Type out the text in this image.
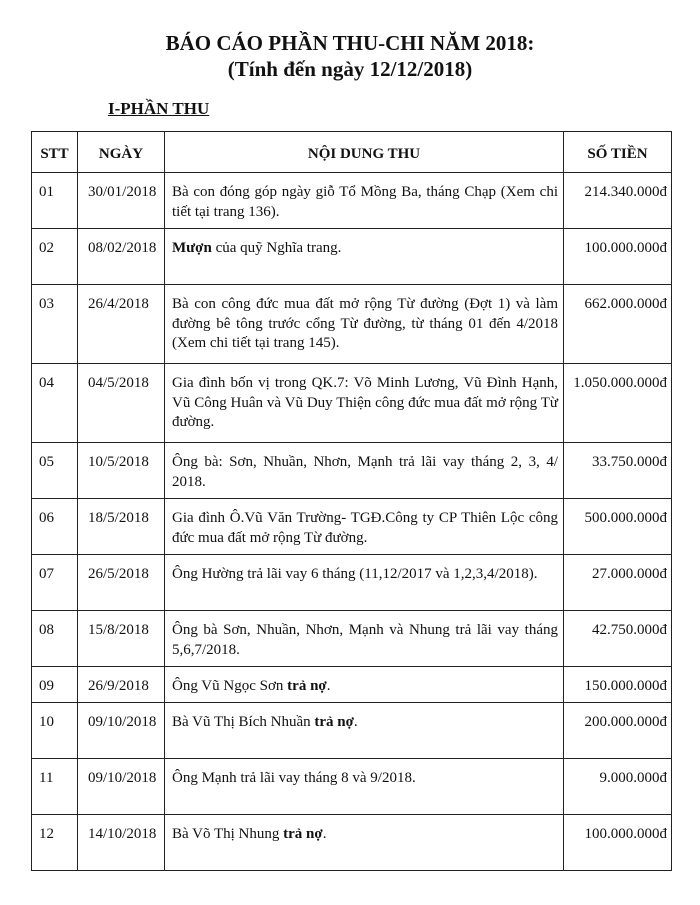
BÁO CÁO PHẦN THU-CHI NĂM 2018:
(Tính đến ngày 12/12/2018)
I-PHẦN THU
STT	NGÀY	NỘI DUNG THU	SỐ TIỀN
01	30/01/2018	Bà con đóng góp ngày giỗ Tổ Mồng Ba, tháng Chạp (Xem chi tiết tại trang 136).	214.340.000đ
02	08/02/2018	Mượn của quỹ Nghĩa trang.	100.000.000đ
03	26/4/2018	Bà con công đức mua đất mở rộng Từ đường (Đợt 1) và làm đường bê tông trước cổng Từ đường, từ tháng 01 đến 4/2018 (Xem chi tiết tại trang 145).	662.000.000đ
04	04/5/2018	Gia đình bốn vị trong QK.7: Võ Minh Lương, Vũ Đình Hạnh, Vũ Công Huân và Vũ Duy Thiện công đức mua đất mở rộng Từ đường.	1.050.000.000đ
05	10/5/2018	Ông bà: Sơn, Nhuần, Nhơn, Mạnh trả lãi vay tháng 2, 3, 4/ 2018.	33.750.000đ
06	18/5/2018	Gia đình Ô.Vũ Văn Trường- TGĐ.Công ty CP Thiên Lộc công đức mua đất mở rộng Từ đường.	500.000.000đ
07	26/5/2018	Ông Hường trả lãi vay 6 tháng (11,12/2017 và 1,2,3,4/2018).	27.000.000đ
08	15/8/2018	Ông bà Sơn, Nhuần, Nhơn, Mạnh và Nhung trả lãi vay tháng 5,6,7/2018.	42.750.000đ
09	26/9/2018	Ông Vũ Ngọc Sơn trả nợ.	150.000.000đ
10	09/10/2018	Bà Vũ Thị Bích Nhuần trả nợ.	200.000.000đ
11	09/10/2018	Ông Mạnh trả lãi vay tháng 8 và 9/2018.	9.000.000đ
12	14/10/2018	Bà Võ Thị Nhung trả nợ.	100.000.000đ
